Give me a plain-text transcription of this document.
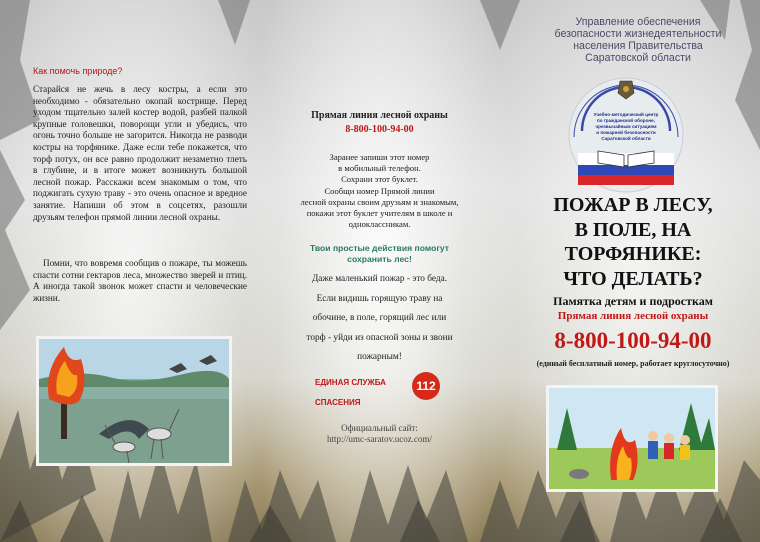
Как помочь природе?
Старайся не жечь в лесу костры, а если это необходимо - обязательно окопай кострище. Перед уходом тщательно залей костер водой, разбей палкой крупные головешки, поворощи угли и убедись, что огонь точно больше не загорится. Никогда не разводи костры на торфянике. Даже если тебе покажется, что торф потух, он все равно продолжит незаметно тлеть в глубине, и в итоге может возникнуть большой лесной пожар. Расскажи всем знакомым о том, что поджигать сухую траву - это очень опасное и вредное занятие. Напиши об этом в соцсетях, разошли друзьям телефон прямой линии лесной охраны.
Помни, что вовремя сообщив о пожаре, ты можешь спасти сотни гектаров леса, множество зверей и птиц. А иногда такой звонок может спасти и человеческие жизни.
Прямая линия лесной охраны
8-800-100-94-00
Заранее запиши этот номер
в мобильный телефон.
Сохрани этот буклет.
Сообщи номер Прямой линии
лесной охраны своим друзьям и знакомым,
покажи этот буклет учителям в школе и
одноклассникам.
Твои простые действия помогут
сохранить лес!
Даже маленький пожар - это беда.
Если видишь горящую траву на
обочине, в поле, горящий лес или
торф - уйди из опасной зоны и звони
пожарным!
ЕДИНАЯ СЛУЖБА
СПАСЕНИЯ
112
Официальный сайт:
http://umc-saratov.ucoz.com/
Управление обеспечения
безопасности жизнедеятельности
населения Правительства
Саратовской области
Учебно-методический центр
по гражданской обороне,
чрезвычайным ситуациям
и пожарной безопасности
Саратовской области
ПОЖАР В ЛЕСУ,
В ПОЛЕ, НА
ТОРФЯНИКЕ:
ЧТО ДЕЛАТЬ?
Памятка детям и подросткам
Прямая линия лесной охраны
8-800-100-94-00
(единый бесплатный номер, работает круглосуточно)
